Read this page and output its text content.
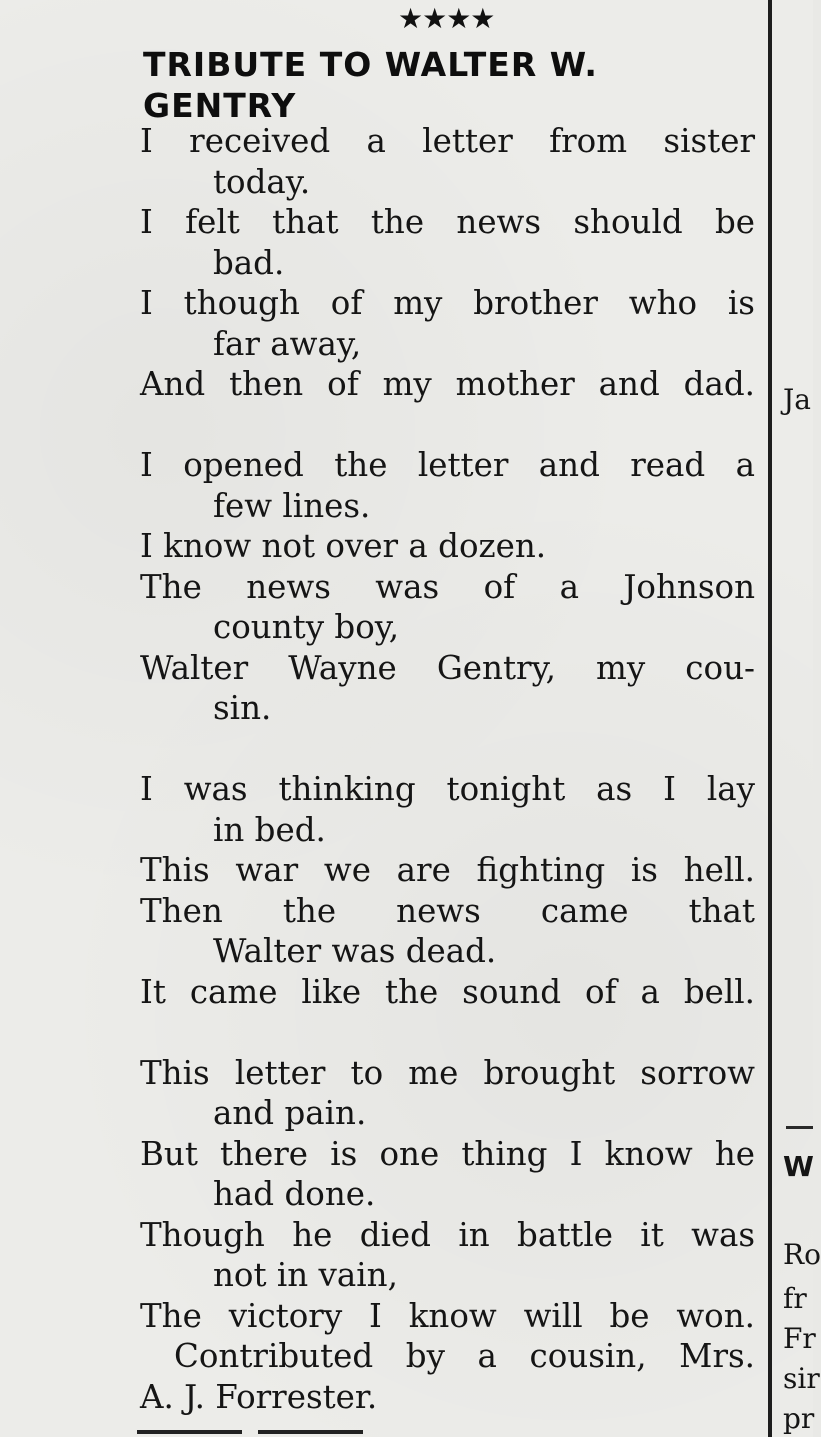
★★★★
TRIBUTE TO WALTER W.
GENTRY
I received a letter from sister
today.
I felt that the news should be
bad.
I though of my brother who is
far away,
And then of my mother and dad.
I opened the letter and read a
few lines.
I know not over a dozen.
The news was of a Johnson
county boy,
Walter Wayne Gentry, my cou-
sin.
I was thinking tonight as I lay
in bed.
This war we are fighting is hell.
Then the news came that
Walter was dead.
It came like the sound of a bell.
This letter to me brought sorrow
and pain.
But there is one thing I know he
had done.
Though he died in battle it was
not in vain,
The victory I know will be won.
Contributed by a cousin, Mrs.
A. J. Forrester.
Ja
W
Ro
fr
Fr
sir
pr
